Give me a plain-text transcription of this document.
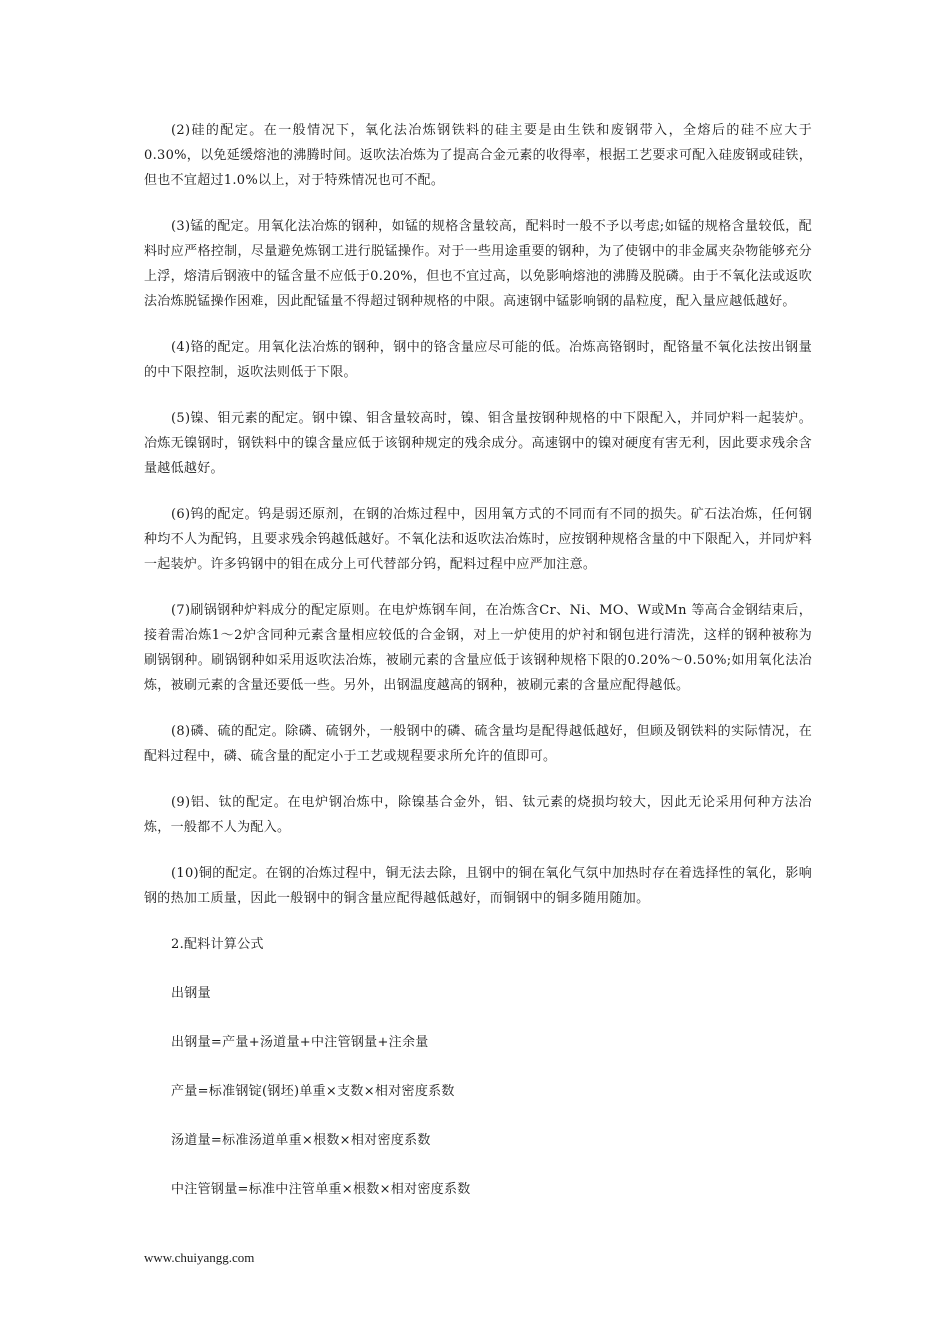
(2)硅的配定。在一般情况下，氧化法冶炼钢铁料的硅主要是由生铁和废钢带入，全熔后的硅不应大于0.30%，以免延缓熔池的沸腾时间。返吹法冶炼为了提高合金元素的收得率，根据工艺要求可配入硅废钢或硅铁，但也不宜超过1.0%以上，对于特殊情况也可不配。

(3)锰的配定。用氧化法冶炼的钢种，如锰的规格含量较高，配料时一般不予以考虑;如锰的规格含量较低，配料时应严格控制，尽量避免炼钢工进行脱锰操作。对于一些用途重要的钢种，为了使钢中的非金属夹杂物能够充分上浮，熔清后钢液中的锰含量不应低于0.20%，但也不宜过高，以免影响熔池的沸腾及脱磷。由于不氧化法或返吹法冶炼脱锰操作困难，因此配锰量不得超过钢种规格的中限。高速钢中锰影响钢的晶粒度，配入量应越低越好。

(4)铬的配定。用氧化法冶炼的钢种，钢中的铬含量应尽可能的低。冶炼高铬钢时，配铬量不氧化法按出钢量的中下限控制，返吹法则低于下限。

(5)镍、钼元素的配定。钢中镍、钼含量较高时，镍、钼含量按钢种规格的中下限配入，并同炉料一起装炉。冶炼无镍钢时，钢铁料中的镍含量应低于该钢种规定的残余成分。高速钢中的镍对硬度有害无利，因此要求残余含量越低越好。

(6)钨的配定。钨是弱还原剂，在钢的冶炼过程中，因用氧方式的不同而有不同的损失。矿石法冶炼，任何钢种均不人为配钨，且要求残余钨越低越好。不氧化法和返吹法冶炼时，应按钢种规格含量的中下限配入，并同炉料一起装炉。许多钨钢中的钼在成分上可代替部分钨，配料过程中应严加注意。

(7)刷锅钢种炉料成分的配定原则。在电炉炼钢车间，在冶炼含Cr、Ni、MO、W或Mn 等高合金钢结束后，接着需冶炼1～2炉含同种元素含量相应较低的合金钢，对上一炉使用的炉衬和钢包进行清洗，这样的钢种被称为刷锅钢种。刷锅钢种如采用返吹法冶炼，被刷元素的含量应低于该钢种规格下限的0.20%～0.50%;如用氧化法冶炼，被刷元素的含量还要低一些。另外，出钢温度越高的钢种，被刷元素的含量应配得越低。

(8)磷、硫的配定。除磷、硫钢外，一般钢中的磷、硫含量均是配得越低越好，但顾及钢铁料的实际情况，在配料过程中，磷、硫含量的配定小于工艺或规程要求所允许的值即可。

(9)铝、钛的配定。在电炉钢冶炼中，除镍基合金外，铝、钛元素的烧损均较大，因此无论采用何种方法冶炼，一般都不人为配入。

(10)铜的配定。在钢的冶炼过程中，铜无法去除，且钢中的铜在氧化气氛中加热时存在着选择性的氧化，影响钢的热加工质量，因此一般钢中的铜含量应配得越低越好，而铜钢中的铜多随用随加。

2.配料计算公式
出钢量
出钢量=产量+汤道量+中注管钢量+注余量
产量=标准钢锭(钢坯)单重×支数×相对密度系数
汤道量=标准汤道单重×根数×相对密度系数
中注管钢量=标准中注管单重×根数×相对密度系数
www.chuiyangg.com
